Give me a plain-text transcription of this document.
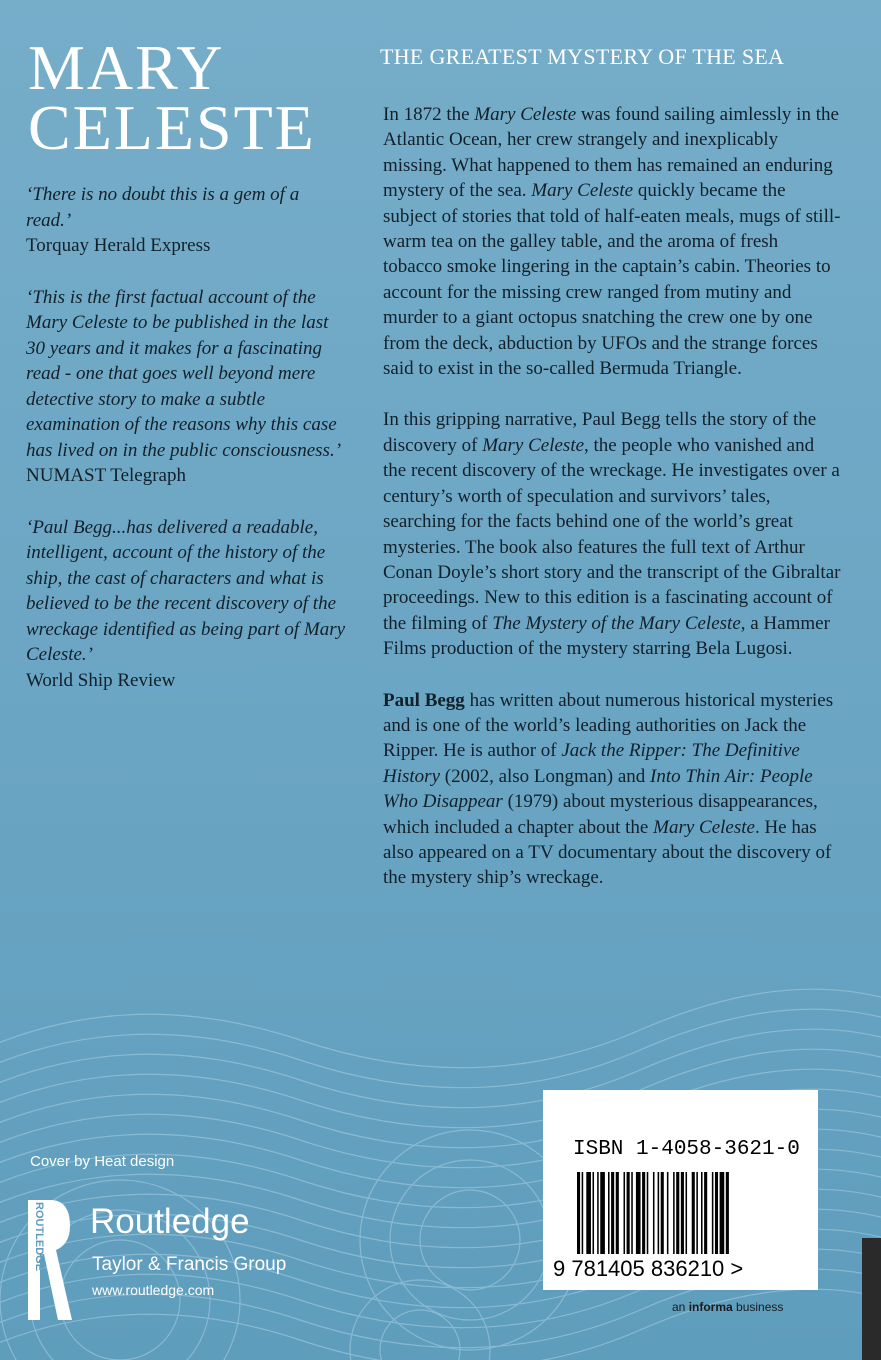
MARY
CELESTE
‘There is no doubt this is a gem of a read.’
Torquay Herald Express
‘This is the first factual account of the Mary Celeste to be published in the last 30 years and it makes for a fascinating read - one that goes well beyond mere detective story to make a subtle examination of the reasons why this case has lived on in the public consciousness.’
NUMAST Telegraph
‘Paul Begg...has delivered a readable, intelligent, account of the history of the ship, the cast of characters and what is believed to be the recent discovery of the wreckage identified as being part of Mary Celeste.’
World Ship Review
THE GREATEST MYSTERY OF THE SEA

In 1872 the Mary Celeste was found sailing aimlessly in the Atlantic Ocean, her crew strangely and inexplicably missing. What happened to them has remained an enduring mystery of the sea. Mary Celeste quickly became the subject of stories that told of half-eaten meals, mugs of still-warm tea on the galley table, and the aroma of fresh tobacco smoke lingering in the captain’s cabin. Theories to account for the missing crew ranged from mutiny and murder to a giant octopus snatching the crew one by one from the deck, abduction by UFOs and the strange forces said to exist in the so-called Bermuda Triangle.

In this gripping narrative, Paul Begg tells the story of the discovery of Mary Celeste, the people who vanished and the recent discovery of the wreckage. He investigates over a century’s worth of speculation and survivors’ tales, searching for the facts behind one of the world’s great mysteries. The book also features the full text of Arthur Conan Doyle’s short story and the transcript of the Gibraltar proceedings. New to this edition is a fascinating account of the filming of The Mystery of the Mary Celeste, a Hammer Films production of the mystery starring Bela Lugosi.

Paul Begg has written about numerous historical mysteries and is one of the world’s leading authorities on Jack the Ripper. He is author of Jack the Ripper: The Definitive History (2002, also Longman) and Into Thin Air: People Who Disappear (1979) about mysterious disappearances, which included a chapter about the Mary Celeste. He has also appeared on a TV documentary about the discovery of the mystery ship’s wreckage.

Cover by Heat design
ROUTLEDGE Routledge
Taylor & Francis Group
www.routledge.com
ISBN 1-4058-3621-0
9 781405 836210 >
an informa business
